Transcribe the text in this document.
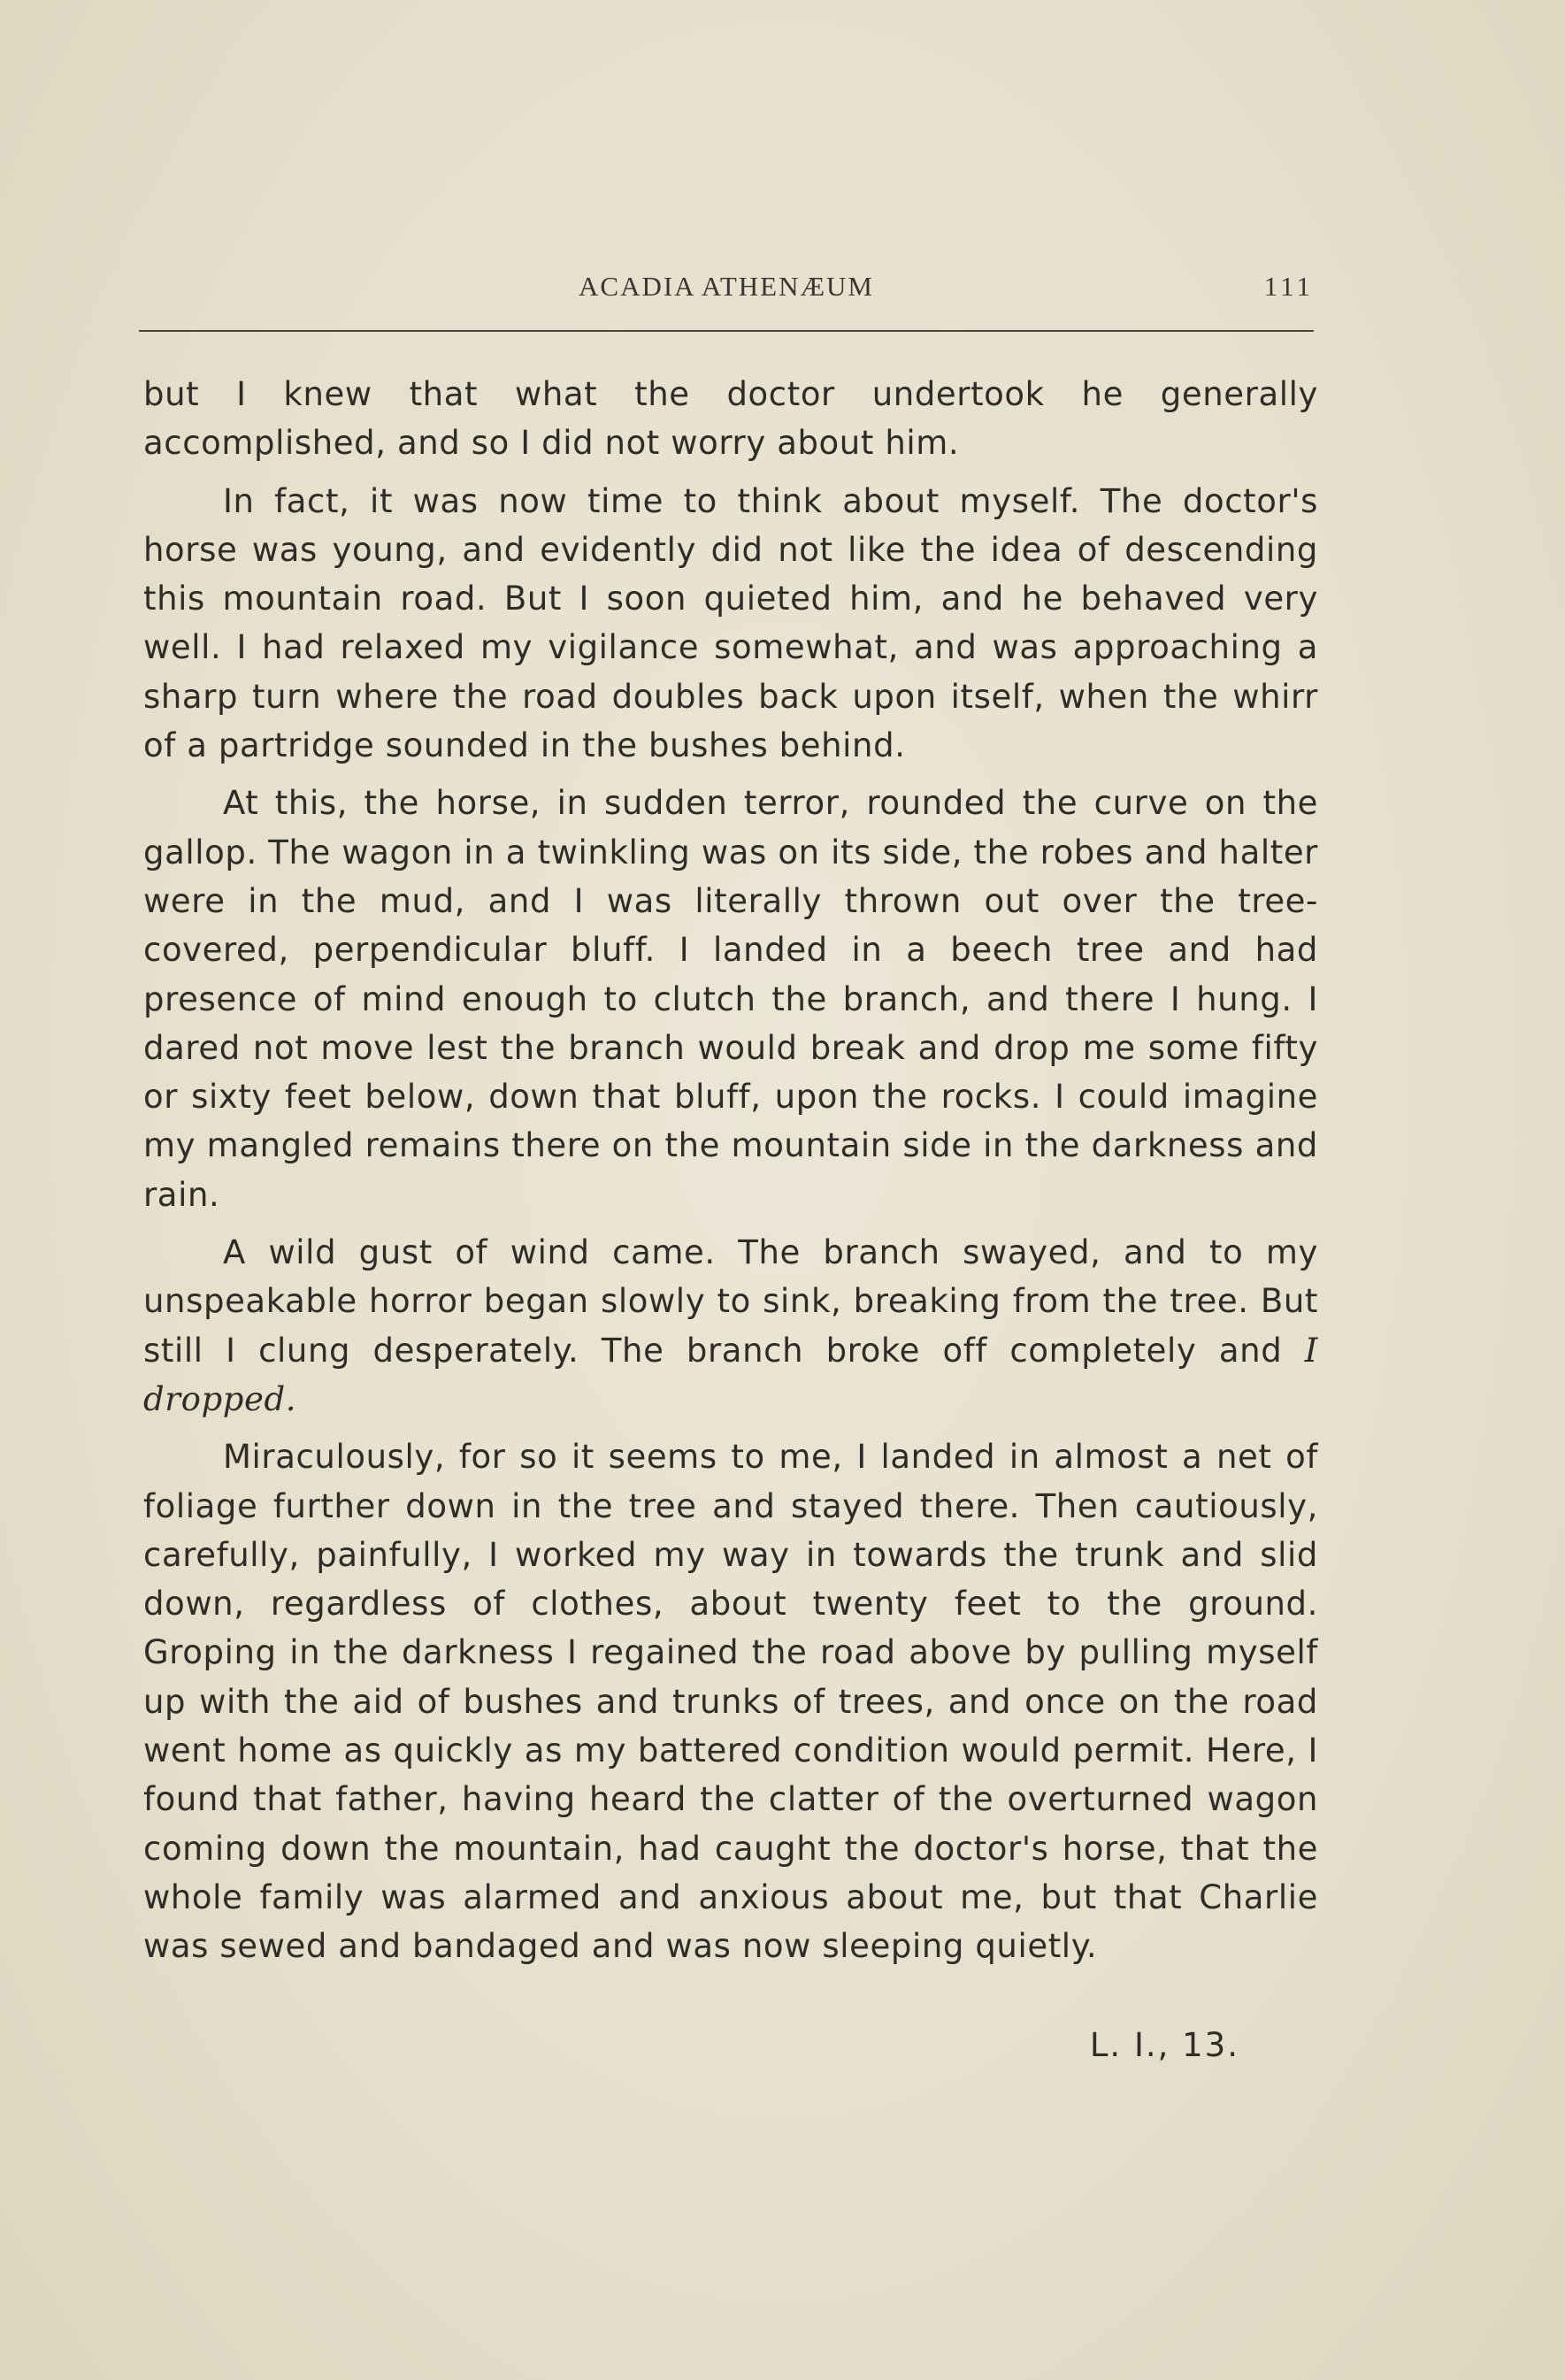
ACADIA ATHENÆUM	111

but I knew that what the doctor undertook he generally accomplished, and so I did not worry about him.

In fact, it was now time to think about myself. The doctor's horse was young, and evidently did not like the idea of descending this mountain road. But I soon quieted him, and he behaved very well. I had relaxed my vigilance somewhat, and was approaching a sharp turn where the road doubles back upon itself, when the whirr of a partridge sounded in the bushes behind.

At this, the horse, in sudden terror, rounded the curve on the gallop. The wagon in a twinkling was on its side, the robes and halter were in the mud, and I was literally thrown out over the tree-covered, perpendicular bluff. I landed in a beech tree and had presence of mind enough to clutch the branch, and there I hung. I dared not move lest the branch would break and drop me some fifty or sixty feet below, down that bluff, upon the rocks. I could imagine my mangled remains there on the mountain side in the darkness and rain.

A wild gust of wind came. The branch swayed, and to my unspeakable horror began slowly to sink, breaking from the tree. But still I clung desperately. The branch broke off completely and I dropped.

Miraculously, for so it seems to me, I landed in almost a net of foliage further down in the tree and stayed there. Then cautiously, carefully, painfully, I worked my way in towards the trunk and slid down, regardless of clothes, about twenty feet to the ground. Groping in the darkness I regained the road above by pulling myself up with the aid of bushes and trunks of trees, and once on the road went home as quickly as my battered condition would permit. Here, I found that father, having heard the clatter of the overturned wagon coming down the mountain, had caught the doctor's horse, that the whole family was alarmed and anxious about me, but that Charlie was sewed and bandaged and was now sleeping quietly.

L. I., 13.
